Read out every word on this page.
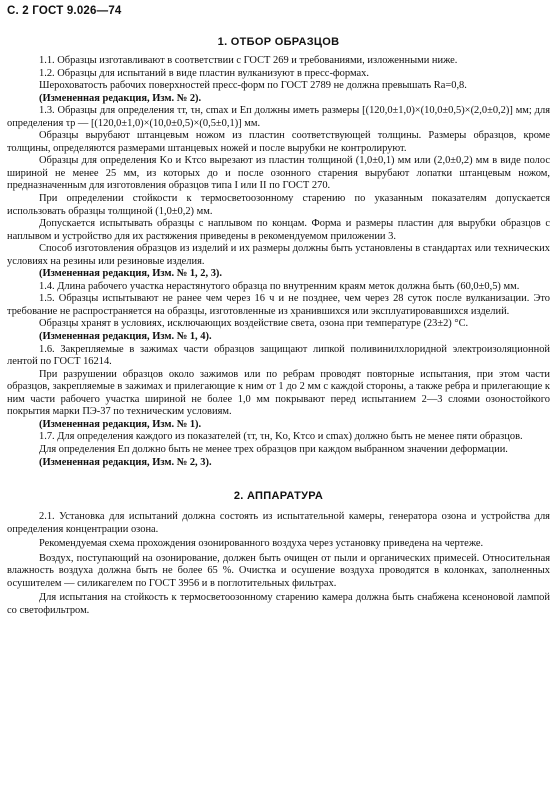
С. 2 ГОСТ 9.026—74
1. ОТБОР ОБРАЗЦОВ

1.1. Образцы изготавливают в соответствии с ГОСТ 269 и требованиями, изложенными ниже.

1.2. Образцы для испытаний в виде пластин вулканизуют в пресс-формах.

Шероховатость рабочих поверхностей пресс-форм по ГОСТ 2789 не должна превышать Ra=0,8.

(Измененная редакция, Изм. № 2).

1.3. Образцы для определения τт, τн, cmax и Eп должны иметь размеры [(120,0±1,0)×(10,0±0,5)×(2,0±0,2)] мм; для определения τр — [(120,0±1,0)×(10,0±0,5)×(0,5±0,1)] мм.

Образцы вырубают штанцевым ножом из пластин соответствующей толщины. Размеры образцов, кроме толщины, определяются размерами штанцевых ножей и после вырубки не контролируют.

Образцы для определения Kо и Kтсо вырезают из пластин толщиной (1,0±0,1) мм или (2,0±0,2) мм в виде полос шириной не менее 25 мм, из которых до и после озонного старения вырубают лопатки штанцевым ножом, предназначенным для изготовления образцов типа I или II по ГОСТ 270.

При определении стойкости к термосветоозонному старению по указанным показателям допускается использовать образцы толщиной (1,0±0,2) мм.

Допускается испытывать образцы с наплывом по концам. Форма и размеры пластин для вырубки образцов с наплывом и устройство для их растяжения приведены в рекомендуемом приложении 3.

Способ изготовления образцов из изделий и их размеры должны быть установлены в стандартах или технических условиях на резины или резиновые изделия.

(Измененная редакция, Изм. № 1, 2, 3).

1.4. Длина рабочего участка нерастянутого образца по внутренним краям меток должна быть (60,0±0,5) мм.

1.5. Образцы испытывают не ранее чем через 16 ч и не позднее, чем через 28 суток после вулканизации. Это требование не распространяется на образцы, изготовленные из хранившихся или эксплуатировавшихся изделий.

Образцы хранят в условиях, исключающих воздействие света, озона при температуре (23±2) °С.

(Измененная редакция, Изм. № 1, 4).

1.6. Закрепляемые в зажимах части образцов защищают липкой поливинилхлоридной электроизоляционной лентой по ГОСТ 16214.

При разрушении образцов около зажимов или по ребрам проводят повторные испытания, при этом части образцов, закрепляемые в зажимах и прилегающие к ним от 1 до 2 мм с каждой стороны, а также ребра и прилегающие к ним части рабочего участка шириной не более 1,0 мм покрывают перед испытанием 2—3 слоями озоностойкого покрытия марки ПЭ-37 по техническим условиям.

(Измененная редакция, Изм. № 1).

1.7. Для определения каждого из показателей (τт, τн, Kо, Kтсо и cmax) должно быть не менее пяти образцов.

Для определения Eп должно быть не менее трех образцов при каждом выбранном значении деформации.

(Измененная редакция, Изм. № 2, 3).

2. АППАРАТУРА

2.1. Установка для испытаний должна состоять из испытательной камеры, генератора озона и устройства для определения концентрации озона.

Рекомендуемая схема прохождения озонированного воздуха через установку приведена на чертеже.

Воздух, поступающий на озонирование, должен быть очищен от пыли и органических примесей. Относительная влажность воздуха должна быть не более 65 %. Очистка и осушение воздуха проводятся в колонках, заполненных осушителем — силикагелем по ГОСТ 3956 и в поглотительных фильтрах.

Для испытания на стойкость к термосветоозонному старению камера должна быть снабжена ксеноновой лампой со светофильтром.
